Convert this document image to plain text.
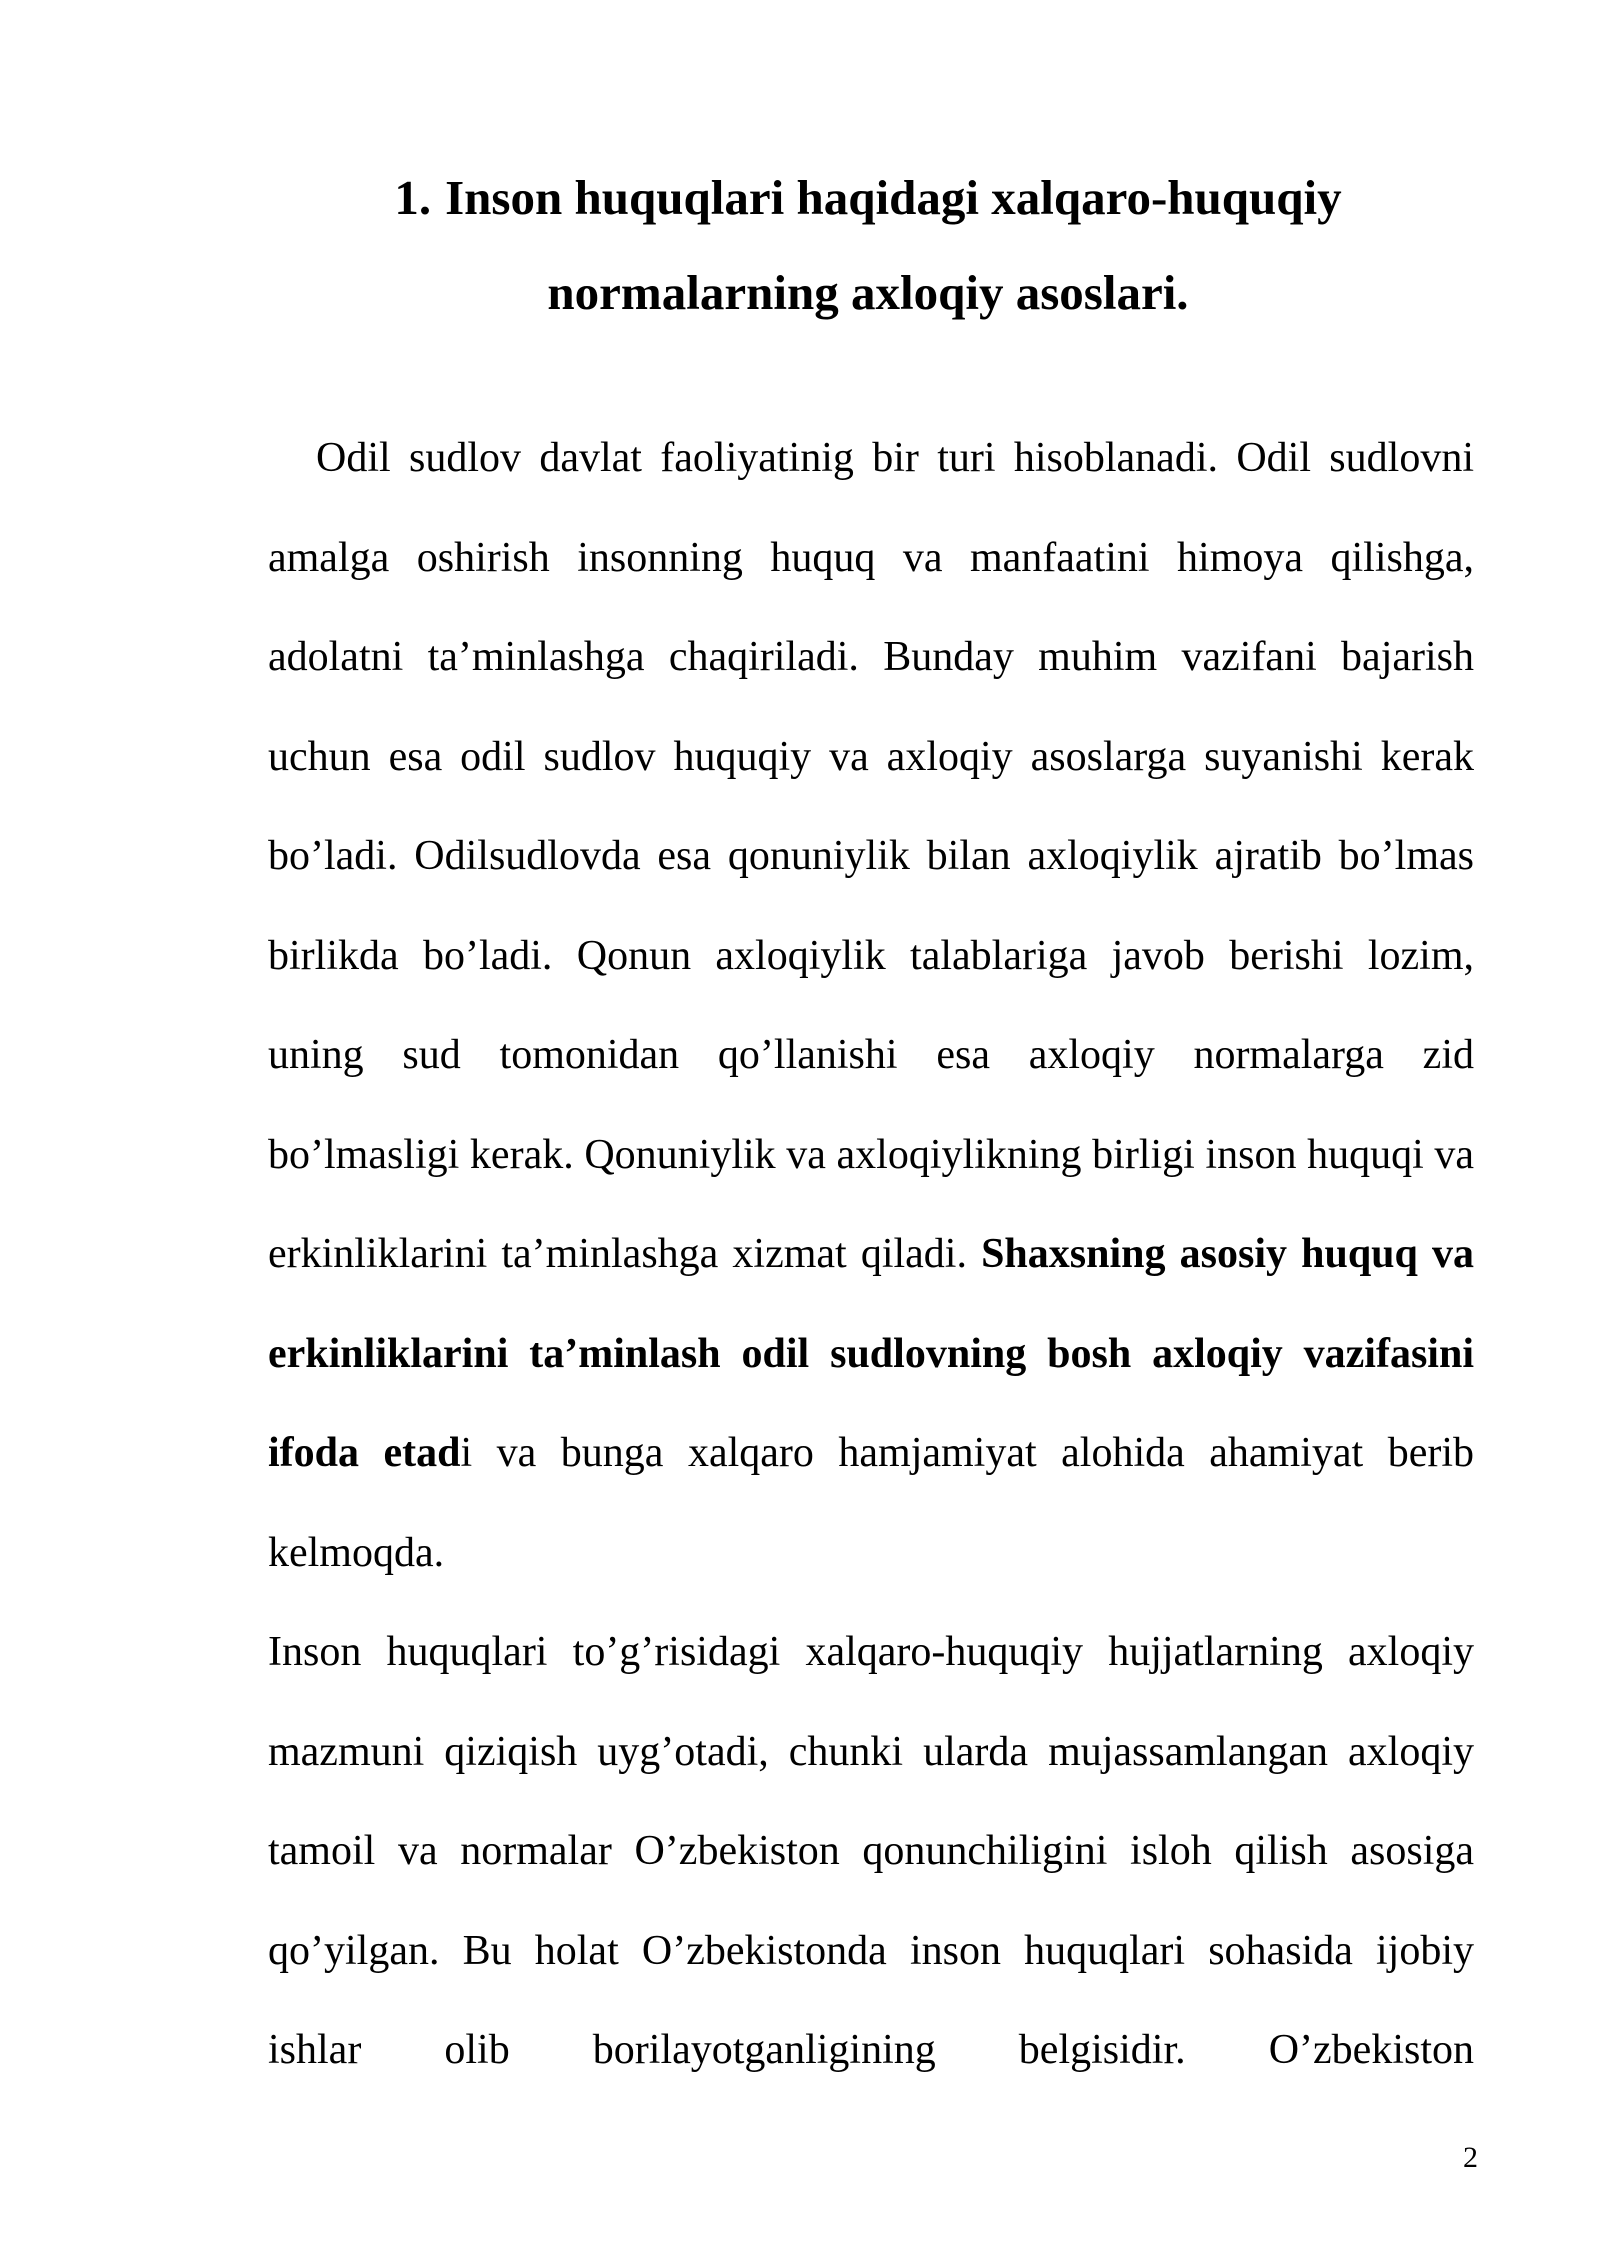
1. Inson huquqlari haqidagi xalqaro-huquqiy
normalarning axloqiy asoslari.

Odil sudlov davlat faoliyatinig bir turi hisoblanadi. Odil sudlovni amalga oshirish insonning huquq va manfaatini himoya qilishga, adolatni ta’minlashga chaqiriladi. Bunday muhim vazifani bajarish uchun esa odil sudlov huquqiy va axloqiy asoslarga suyanishi kerak bo’ladi. Odilsudlovda esa qonuniylik bilan axloqiylik ajratib bo’lmas birlikda bo’ladi. Qonun axloqiylik talablariga javob berishi lozim, uning sud tomonidan qo’llanishi esa axloqiy normalarga zid bo’lmasligi kerak. Qonuniylik va axloqiylikning birligi inson huquqi va erkinliklarini ta’minlashga xizmat qiladi. Shaxsning asosiy huquq va erkinliklarini ta’minlash odil sudlovning bosh axloqiy vazifasini ifoda etadi va bunga xalqaro hamjamiyat alohida ahamiyat berib kelmoqda.

Inson huquqlari to’g’risidagi xalqaro-huquqiy hujjatlarning axloqiy mazmuni qiziqish uyg’otadi, chunki ularda mujassamlangan axloqiy tamoil va normalar O’zbekiston qonunchiligini isloh qilish asosiga qo’yilgan. Bu holat O’zbekistonda inson huquqlari sohasida ijobiy ishlar olib borilayotganligining belgisidir. O’zbekiston

2
